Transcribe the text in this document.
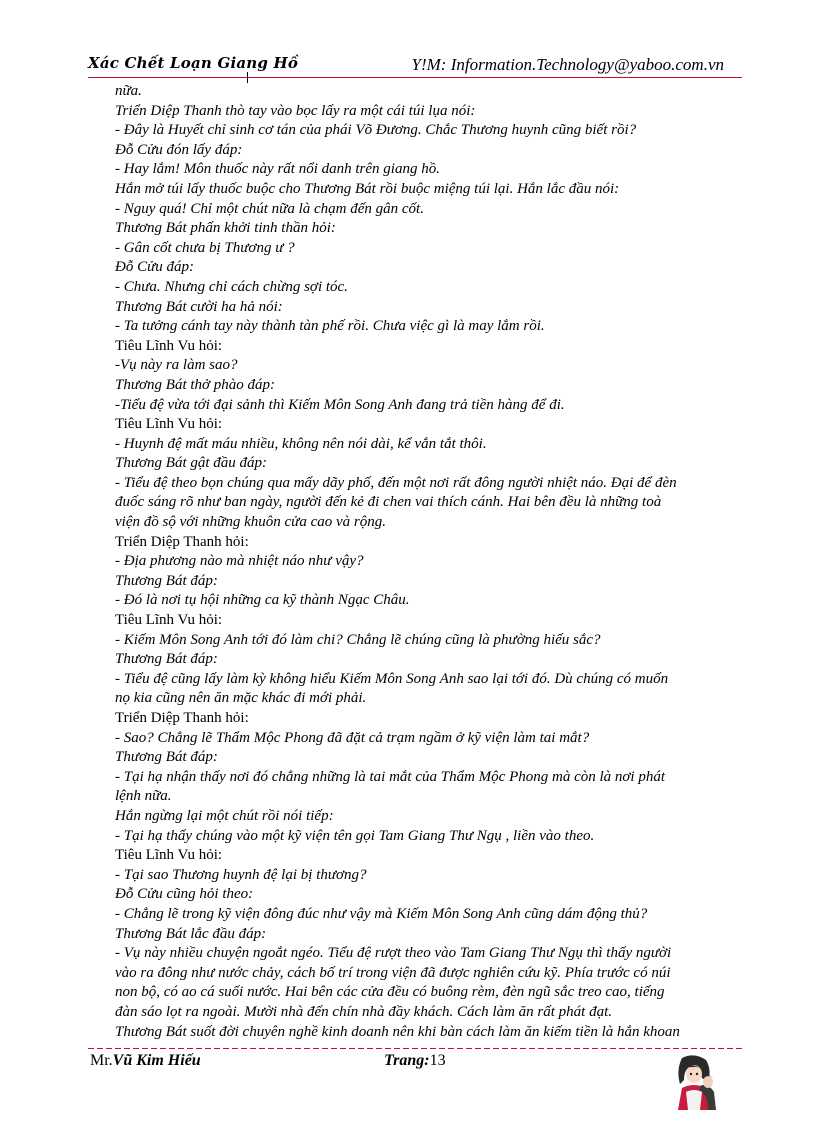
Xác Chết Loạn Giang Hồ	Y!M: Information.Technology@yaboo.com.vn
nữa.
Triển Diệp Thanh thò tay vào bọc lấy ra một cái túi lụa nói:
- Đây là Huyết chỉ sinh cơ tán của phái Võ Đương. Chắc Thương huynh cũng biết rồi?
Đỗ Cửu đón lấy đáp:
- Hay lắm! Môn thuốc này rất nổi danh trên giang hồ.
Hắn mở túi lấy thuốc buộc cho Thương Bát rồi buộc miệng túi lại. Hắn lắc đầu nói:
- Nguy quá! Chỉ một chút nữa là chạm đến gân cốt.
Thương Bát phấn khởi tinh thần hỏi:
- Gân cốt chưa bị Thương ư ?
Đỗ Cửu đáp:
- Chưa. Nhưng chỉ cách chừng sợi tóc.
Thương Bát cười ha hả nói:
- Ta tưởng cánh tay này thành tàn phế rồi. Chưa việc gì là may lắm rồi.
Tiêu Lĩnh Vu hỏi:
-Vụ này ra làm sao?
Thương Bát thở phào đáp:
-Tiểu đệ vừa tới đại sảnh thì Kiếm Môn Song Anh đang trả tiền hàng để đi.
Tiêu Lĩnh Vu hỏi:
- Huynh đệ mất máu nhiều, không nên nói dài, kể vắn tắt thôi.
Thương Bát gật đầu đáp:
- Tiểu đệ theo bọn chúng qua mấy dãy phố, đến một nơi rất đông người nhiệt náo. Đại để đèn
đuốc sáng rõ như ban ngày, người đến kẻ đi chen vai thích cánh. Hai bên đều là những toà
viện đồ sộ với những khuôn cửa cao và rộng.
Triển Diệp Thanh hỏi:
- Địa phương nào mà nhiệt náo như vậy?
Thương Bát đáp:
- Đó là nơi tụ hội những ca kỹ thành Ngạc Châu.
Tiêu Lĩnh Vu hỏi:
- Kiếm Môn Song Anh tới đó làm chi? Chẳng lẽ chúng cũng là phường hiếu sắc?
Thương Bát đáp:
- Tiểu đệ cũng lấy làm kỳ không hiểu Kiếm Môn Song Anh sao lại tới đó. Dù chúng có muốn
nọ kia cũng nên ăn mặc khác đi mới phải.
Triển Diệp Thanh hỏi:
- Sao? Chẳng lẽ Thẩm Mộc Phong đã đặt cả trạm ngầm ở kỹ viện làm tai mắt?
Thương Bát đáp:
- Tại hạ nhận thấy nơi đó chẳng những là tai mắt của Thẩm Mộc Phong mà còn là nơi phát
lệnh nữa.
Hắn ngừng lại một chút rồi nói tiếp:
- Tại hạ thấy chúng vào một kỹ viện tên gọi Tam Giang Thư Ngụ , liền vào theo.
Tiêu Lĩnh Vu hỏi:
- Tại sao Thương huynh đệ lại bị thương?
Đỗ Cửu cũng hỏi theo:
- Chẳng lẽ trong kỹ viện đông đúc như vậy mà Kiếm Môn Song Anh cũng dám động thủ?
Thương Bát lắc đầu đáp:
- Vụ này nhiều chuyện ngoắt ngéo. Tiểu đệ rượt theo vào Tam Giang Thư Ngụ thì thấy người
vào ra đông như nước chảy, cách bố trí trong viện đã được nghiên cứu kỹ. Phía trước có núi
non bộ, có ao cá suối nước. Hai bên các cửa đều có buông rèm, đèn ngũ sắc treo cao, tiếng
đàn sáo lọt ra ngoài. Mười nhà đến chín nhà đầy khách. Cách làm ăn rất phát đạt.
Thương Bát suốt đời chuyên nghề kinh doanh nên khi bàn cách làm ăn kiếm tiền là hắn khoan
Mr.Vũ Kim Hiếu	Trang:13
